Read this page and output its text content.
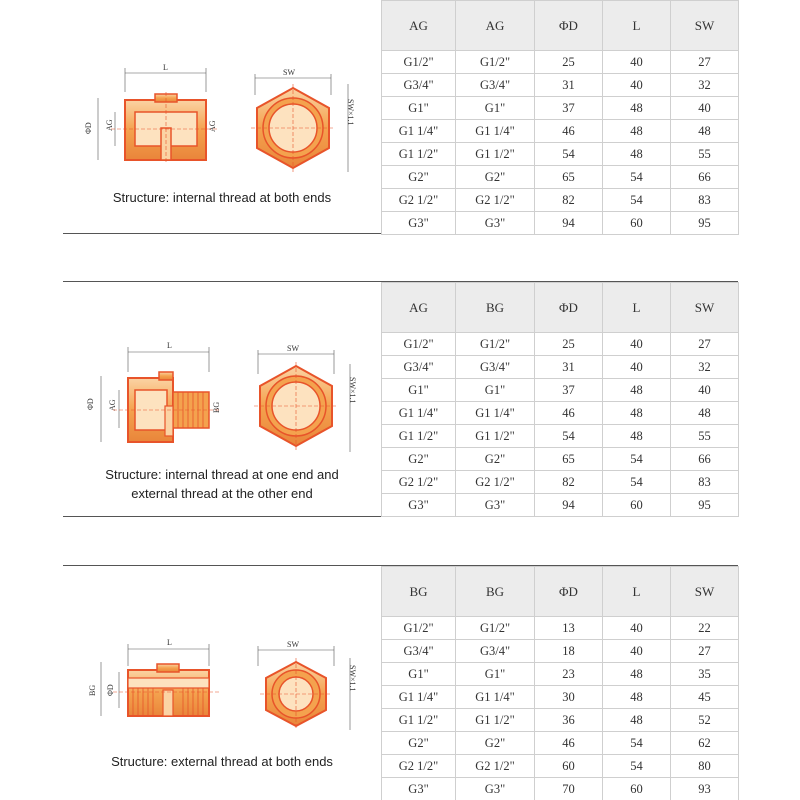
L
ΦD AG	AG
SW
SW×1.1
Structure: internal thread at both ends
AG	AG	ΦD	L	SW
G1/2"	G1/2"	25	40	27
G3/4"	G3/4"	31	40	32
G1"	G1"	37	48	40
G1 1/4"	G1 1/4"	46	48	48
G1 1/2"	G1 1/2"	54	48	55
G2"	G2"	65	54	66
G2 1/2"	G2 1/2"	82	54	83
G3"	G3"	94	60	95
L
ΦD AG	BG
SW
SW×1.1
Structure: internal thread at one end and
external thread at the other end
AG	BG	ΦD	L	SW
G1/2"	G1/2"	25	40	27
G3/4"	G3/4"	31	40	32
G1"	G1"	37	48	40
G1 1/4"	G1 1/4"	46	48	48
G1 1/2"	G1 1/2"	54	48	55
G2"	G2"	65	54	66
G2 1/2"	G2 1/2"	82	54	83
G3"	G3"	94	60	95
L
BG ΦD
SW
SW×1.1
Structure: external thread at both ends
BG	BG	ΦD	L	SW
G1/2"	G1/2"	13	40	22
G3/4"	G3/4"	18	40	27
G1"	G1"	23	48	35
G1 1/4"	G1 1/4"	30	48	45
G1 1/2"	G1 1/2"	36	48	52
G2"	G2"	46	54	62
G2 1/2"	G2 1/2"	60	54	80
G3"	G3"	70	60	93
